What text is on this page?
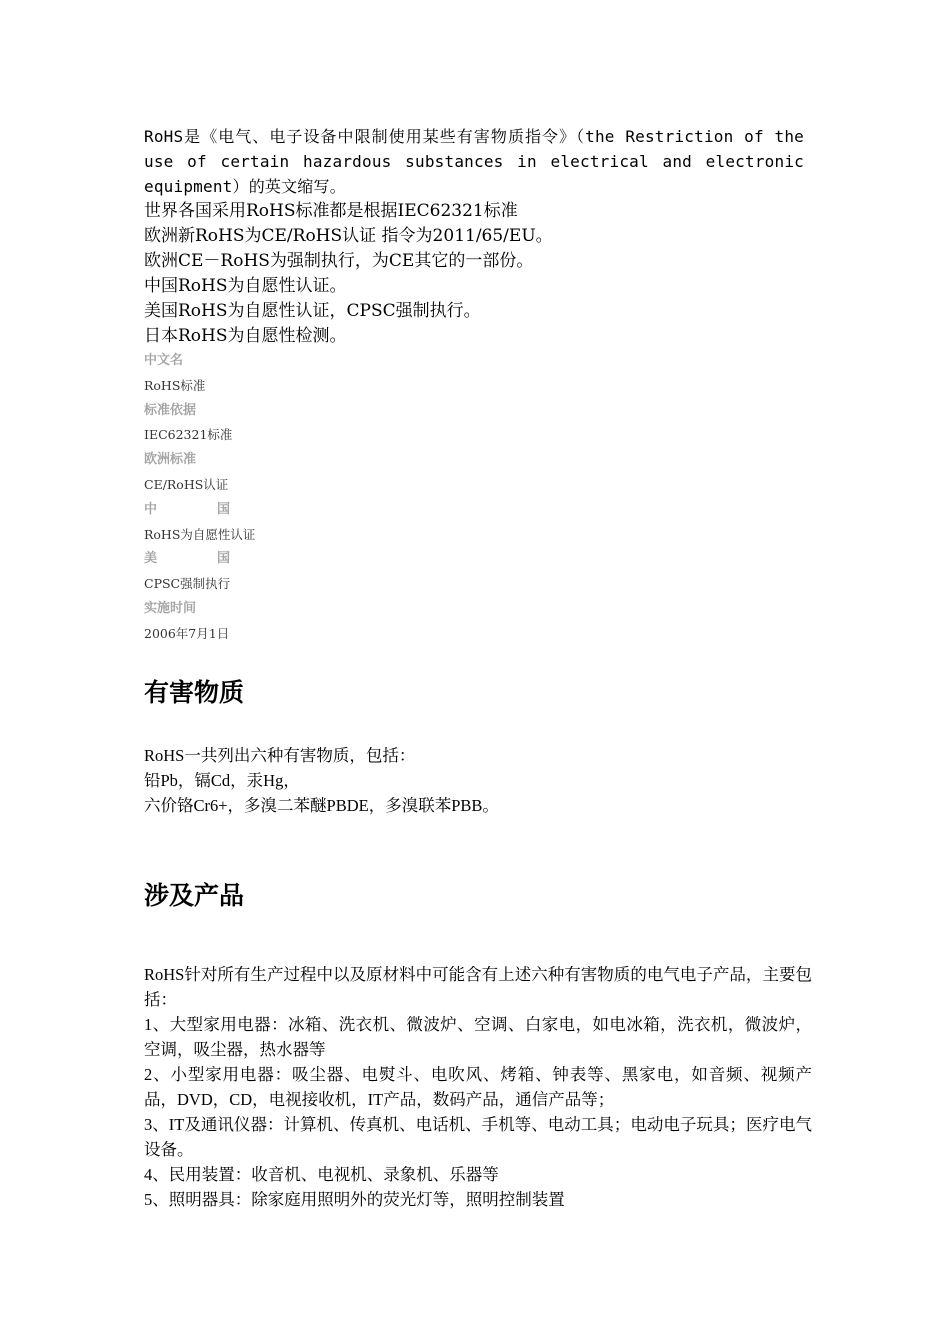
RoHS是《电气、电子设备中限制使用某些有害物质指令》（the Restriction of the use of certain hazardous substances in electrical and electronic equipment）的英文缩写。
世界各国采用RoHS标准都是根据IEC62321标准
欧洲新RoHS为CE/RoHS认证 指令为2011/65/EU。
欧洲CE－RoHS为强制执行，为CE其它的一部份。
中国RoHS为自愿性认证。
美国RoHS为自愿性认证，CPSC强制执行。
日本RoHS为自愿性检测。
中文名
RoHS标准
标准依据
IEC62321标准
欧洲标准
CE/RoHS认证
中国
RoHS为自愿性认证
美国
CPSC强制执行
实施时间
2006年7月1日
有害物质
RoHS一共列出六种有害物质，包括：
铅Pb，镉Cd，汞Hg，
六价铬Cr6+，多溴二苯醚PBDE，多溴联苯PBB。
涉及产品
RoHS针对所有生产过程中以及原材料中可能含有上述六种有害物质的电气电子产品，主要包括：
1、大型家用电器：冰箱、洗衣机、微波炉、空调、白家电，如电冰箱，洗衣机，微波炉，空调，吸尘器，热水器等
2、小型家用电器：吸尘器、电熨斗、电吹风、烤箱、钟表等、黑家电，如音频、视频产品，DVD，CD，电视接收机，IT产品，数码产品，通信产品等；
3、IT及通讯仪器：计算机、传真机、电话机、手机等、电动工具；电动电子玩具；医疗电气设备。
4、民用装置：收音机、电视机、录象机、乐器等
5、照明器具：除家庭用照明外的荧光灯等，照明控制装置
